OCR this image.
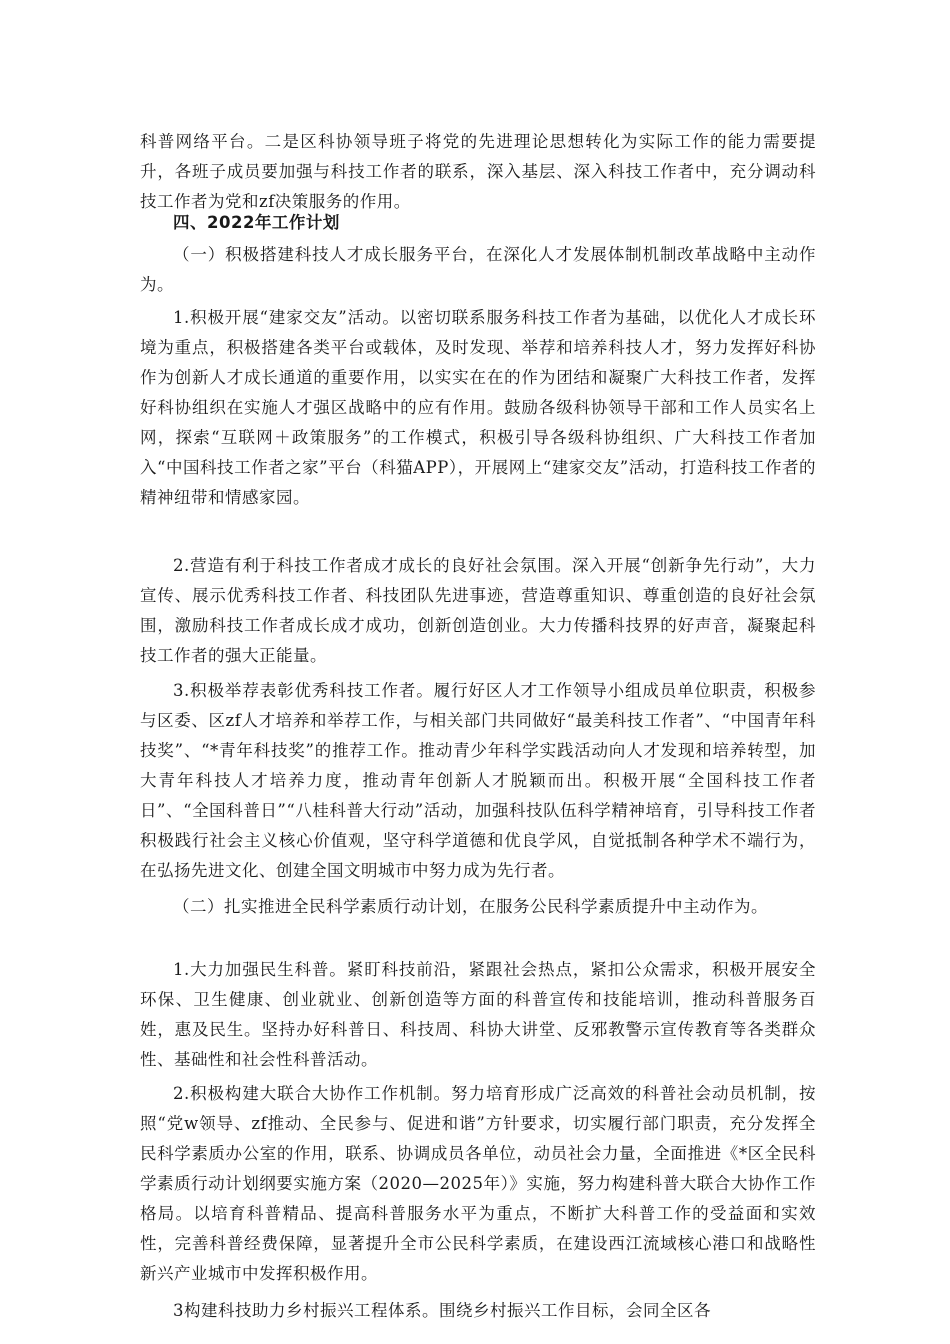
科普网络平台。二是区科协领导班子将党的先进理论思想转化为实际工作的能力需要提升，各班子成员要加强与科技工作者的联系，深入基层、深入科技工作者中，充分调动科技工作者为党和zf决策服务的作用。

四、2022年工作计划

（一）积极搭建科技人才成长服务平台，在深化人才发展体制机制改革战略中主动作为。

1.积极开展“建家交友”活动。以密切联系服务科技工作者为基础，以优化人才成长环境为重点，积极搭建各类平台或载体，及时发现、举荐和培养科技人才，努力发挥好科协作为创新人才成长通道的重要作用，以实实在在的作为团结和凝聚广大科技工作者，发挥好科协组织在实施人才强区战略中的应有作用。鼓励各级科协领导干部和工作人员实名上网，探索“互联网＋政策服务”的工作模式，积极引导各级科协组织、广大科技工作者加入“中国科技工作者之家”平台（科猫APP），开展网上“建家交友”活动，打造科技工作者的精神纽带和情感家园。

2.营造有利于科技工作者成才成长的良好社会氛围。深入开展“创新争先行动”，大力宣传、展示优秀科技工作者、科技团队先进事迹，营造尊重知识、尊重创造的良好社会氛围，激励科技工作者成长成才成功，创新创造创业。大力传播科技界的好声音，凝聚起科技工作者的强大正能量。

3.积极举荐表彰优秀科技工作者。履行好区人才工作领导小组成员单位职责，积极参与区委、区zf人才培养和举荐工作，与相关部门共同做好“最美科技工作者”、“中国青年科技奖”、“*青年科技奖”的推荐工作。推动青少年科学实践活动向人才发现和培养转型，加大青年科技人才培养力度，推动青年创新人才脱颖而出。积极开展“全国科技工作者日”、“全国科普日”“八桂科普大行动”活动，加强科技队伍科学精神培育，引导科技工作者积极践行社会主义核心价值观，坚守科学道德和优良学风，自觉抵制各种学术不端行为，在弘扬先进文化、创建全国文明城市中努力成为先行者。

（二）扎实推进全民科学素质行动计划，在服务公民科学素质提升中主动作为。

1.大力加强民生科普。紧盯科技前沿，紧跟社会热点，紧扣公众需求，积极开展安全环保、卫生健康、创业就业、创新创造等方面的科普宣传和技能培训，推动科普服务百姓，惠及民生。坚持办好科普日、科技周、科协大讲堂、反邪教警示宣传教育等各类群众性、基础性和社会性科普活动。

2.积极构建大联合大协作工作机制。努力培育形成广泛高效的科普社会动员机制，按照“党w领导、zf推动、全民参与、促进和谐”方针要求，切实履行部门职责，充分发挥全民科学素质办公室的作用，联系、协调成员各单位，动员社会力量，全面推进《*区全民科学素质行动计划纲要实施方案（2020—2025年）》实施，努力构建科普大联合大协作工作格局。以培育科普精品、提高科普服务水平为重点，不断扩大科普工作的受益面和实效性，完善科普经费保障，显著提升全市公民科学素质，在建设西江流域核心港口和战略性新兴产业城市中发挥积极作用。

3构建科技助力乡村振兴工程体系。围绕乡村振兴工作目标，会同全区各
